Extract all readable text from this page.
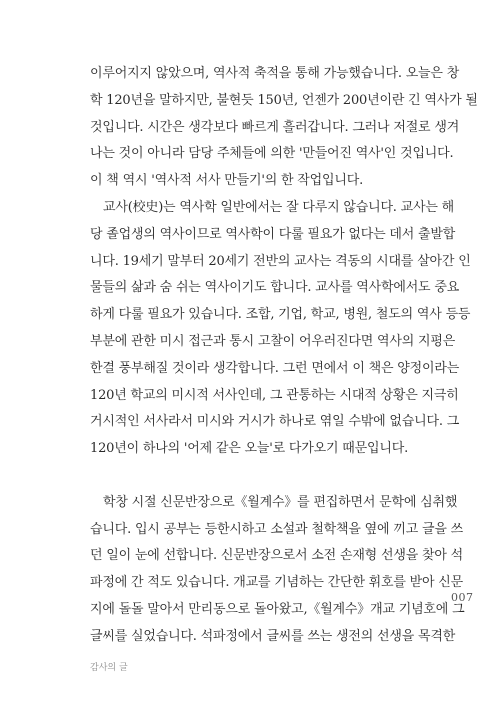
이루어지지 않았으며, 역사적 축적을 통해 가능했습니다. 오늘은 창
학 120년을 말하지만, 불현듯 150년, 언젠가 200년이란 긴 역사가 될
것입니다. 시간은 생각보다 빠르게 흘러갑니다. 그러나 저절로 생겨
나는 것이 아니라 담당 주체들에 의한 '만들어진 역사'인 것입니다.
이 책 역시 '역사적 서사 만들기'의 한 작업입니다.

교사(校史)는 역사학 일반에서는 잘 다루지 않습니다. 교사는 해
당 졸업생의 역사이므로 역사학이 다룰 필요가 없다는 데서 출발합
니다. 19세기 말부터 20세기 전반의 교사는 격동의 시대를 살아간 인
물들의 삶과 숨 쉬는 역사이기도 합니다. 교사를 역사학에서도 중요
하게 다룰 필요가 있습니다. 조합, 기업, 학교, 병원, 철도의 역사 등등
부분에 관한 미시 접근과 통시 고찰이 어우러진다면 역사의 지평은
한결 풍부해질 것이라 생각합니다. 그런 면에서 이 책은 양정이라는
120년 학교의 미시적 서사인데, 그 관통하는 시대적 상황은 지극히
거시적인 서사라서 미시와 거시가 하나로 엮일 수밖에 없습니다. 그
120년이 하나의 '어제 같은 오늘'로 다가오기 때문입니다.

학창 시절 신문반장으로《월계수》를 편집하면서 문학에 심취했
습니다. 입시 공부는 등한시하고 소설과 철학책을 옆에 끼고 글을 쓰
던 일이 눈에 선합니다. 신문반장으로서 소전 손재형 선생을 찾아 석
파정에 간 적도 있습니다. 개교를 기념하는 간단한 휘호를 받아 신문
지에 돌돌 말아서 만리동으로 돌아왔고,《월계수》개교 기념호에 그
글씨를 실었습니다. 석파정에서 글씨를 쓰는 생전의 선생을 목격한

007
감사의 글
